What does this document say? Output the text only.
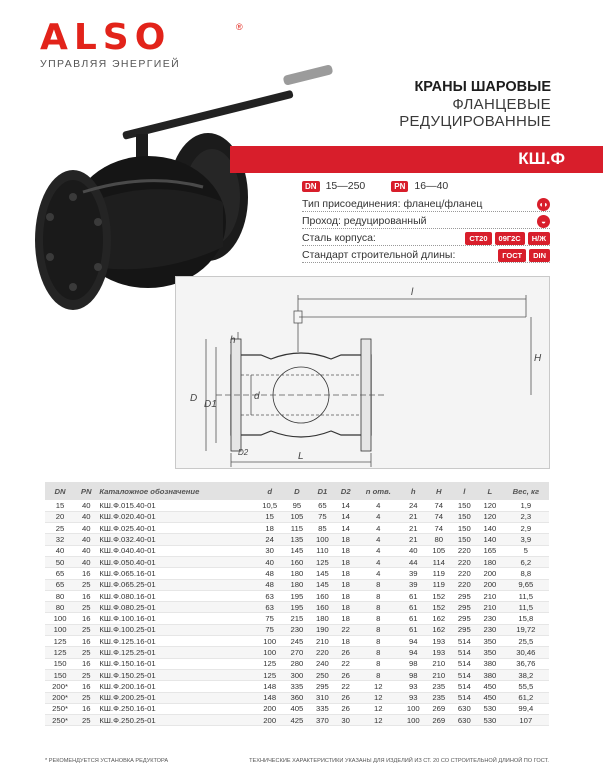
ALSO	®
УПРАВЛЯЯ ЭНЕРГИЕЙ
КШ.Ф
КРАНЫ ШАРОВЫЕ
ФЛАНЦЕВЫЕ
РЕДУЦИРОВАННЫЕ
DN 15—250	PN 16—40
Тип присоединения: фланец/фланец	◖◗
Проход: редуцированный	◒
Сталь корпуса:	СТ20	09Г2С	Н/Ж
Стандарт строительной длины:	ГОСТ	DIN
l
H
h
D
D1
d
D2	L
DN	PN	Каталожное обозначение	d	D	D1	D2	n отв.	h	H	l	L	Вес, кг
15	40	КШ.Ф.015.40-01	10,5	95	65	14	4	24	74	150	120	1,9
20	40	КШ.Ф.020.40-01	15	105	75	14	4	21	74	150	120	2,3
25	40	КШ.Ф.025.40-01	18	115	85	14	4	21	74	150	140	2,9
32	40	КШ.Ф.032.40-01	24	135	100	18	4	21	80	150	140	3,9
40	40	КШ.Ф.040.40-01	30	145	110	18	4	40	105	220	165	5
50	40	КШ.Ф.050.40-01	40	160	125	18	4	44	114	220	180	6,2
65	16	КШ.Ф.065.16-01	48	180	145	18	4	39	119	220	200	8,8
65	25	КШ.Ф.065.25-01	48	180	145	18	8	39	119	220	200	9,65
80	16	КШ.Ф.080.16-01	63	195	160	18	8	61	152	295	210	11,5
80	25	КШ.Ф.080.25-01	63	195	160	18	8	61	152	295	210	11,5
100	16	КШ.Ф.100.16-01	75	215	180	18	8	61	162	295	230	15,8
100	25	КШ.Ф.100.25-01	75	230	190	22	8	61	162	295	230	19,72
125	16	КШ.Ф.125.16-01	100	245	210	18	8	94	193	514	350	25,5
125	25	КШ.Ф.125.25-01	100	270	220	26	8	94	193	514	350	30,46
150	16	КШ.Ф.150.16-01	125	280	240	22	8	98	210	514	380	36,76
150	25	КШ.Ф.150.25-01	125	300	250	26	8	98	210	514	380	38,2
200*	16	КШ.Ф.200.16-01	148	335	295	22	12	93	235	514	450	55,5
200*	25	КШ.Ф.200.25-01	148	360	310	26	12	93	235	514	450	61,2
250*	16	КШ.Ф.250.16-01	200	405	335	26	12	100	269	630	530	99,4
250*	25	КШ.Ф.250.25-01	200	425	370	30	12	100	269	630	530	107
* РЕКОМЕНДУЕТСЯ УСТАНОВКА РЕДУКТОРА	ТЕХНИЧЕСКИЕ ХАРАКТЕРИСТИКИ УКАЗАНЫ ДЛЯ ИЗДЕЛИЙ ИЗ СТ. 20 СО СТРОИТЕЛЬНОЙ ДЛИНОЙ ПО ГОСТ.
